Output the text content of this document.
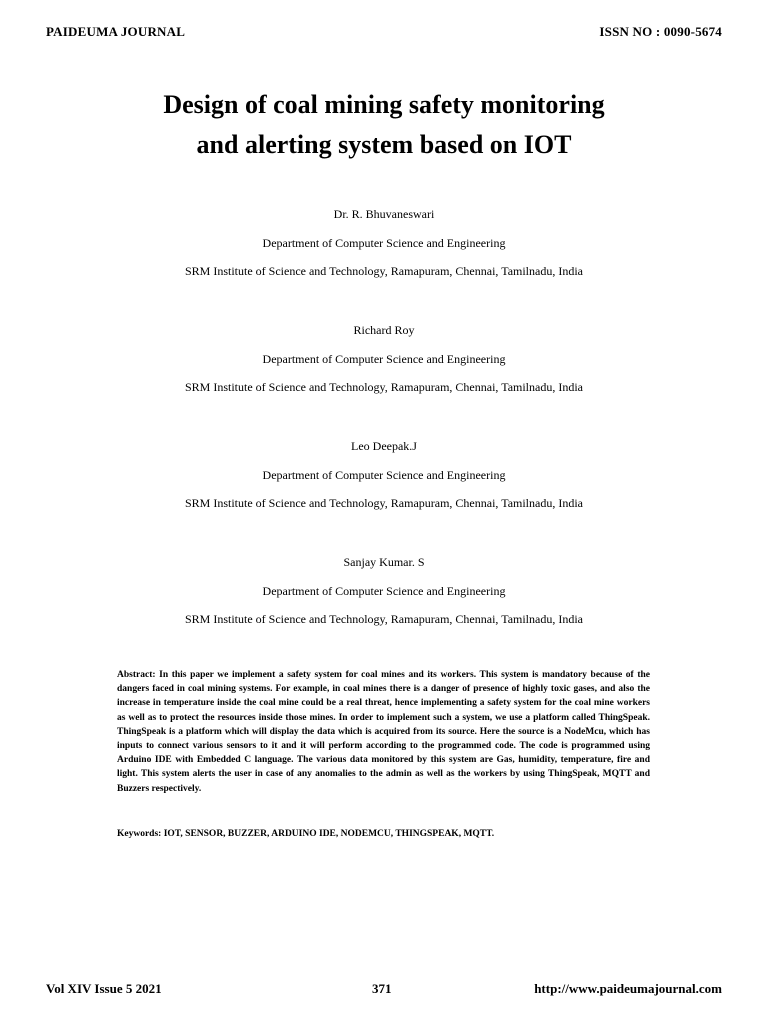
PAIDEUMA JOURNAL	ISSN NO : 0090-5674
Design of coal mining safety monitoring
and alerting system based on IOT
Dr. R. Bhuvaneswari
Department of Computer Science and Engineering
SRM Institute of Science and Technology, Ramapuram, Chennai, Tamilnadu, India
Richard Roy
Department of Computer Science and Engineering
SRM Institute of Science and Technology, Ramapuram, Chennai, Tamilnadu, India
Leo Deepak.J
Department of Computer Science and Engineering
SRM Institute of Science and Technology, Ramapuram, Chennai, Tamilnadu, India
Sanjay Kumar. S
Department of Computer Science and Engineering
SRM Institute of Science and Technology, Ramapuram, Chennai, Tamilnadu, India
Abstract: In this paper we implement a safety system for coal mines and its workers. This system is mandatory because of the dangers faced in coal mining systems. For example, in coal mines there is a danger of presence of highly toxic gases, and also the increase in temperature inside the coal mine could be a real threat, hence implementing a safety system for the coal mine workers as well as to protect the resources inside those mines. In order to implement such a system, we use a platform called ThingSpeak. ThingSpeak is a platform which will display the data which is acquired from its source. Here the source is a NodeMcu, which has inputs to connect various sensors to it and it will perform according to the programmed code. The code is programmed using Arduino IDE with Embedded C language. The various data monitored by this system are Gas, humidity, temperature, fire and light. This system alerts the user in case of any anomalies to the admin as well as the workers by using ThingSpeak, MQTT and Buzzers respectively.
Keywords: IOT, SENSOR, BUZZER, ARDUINO IDE, NODEMCU, THINGSPEAK, MQTT.
Vol XIV Issue 5 2021	371	http://www.paideumajournal.com
